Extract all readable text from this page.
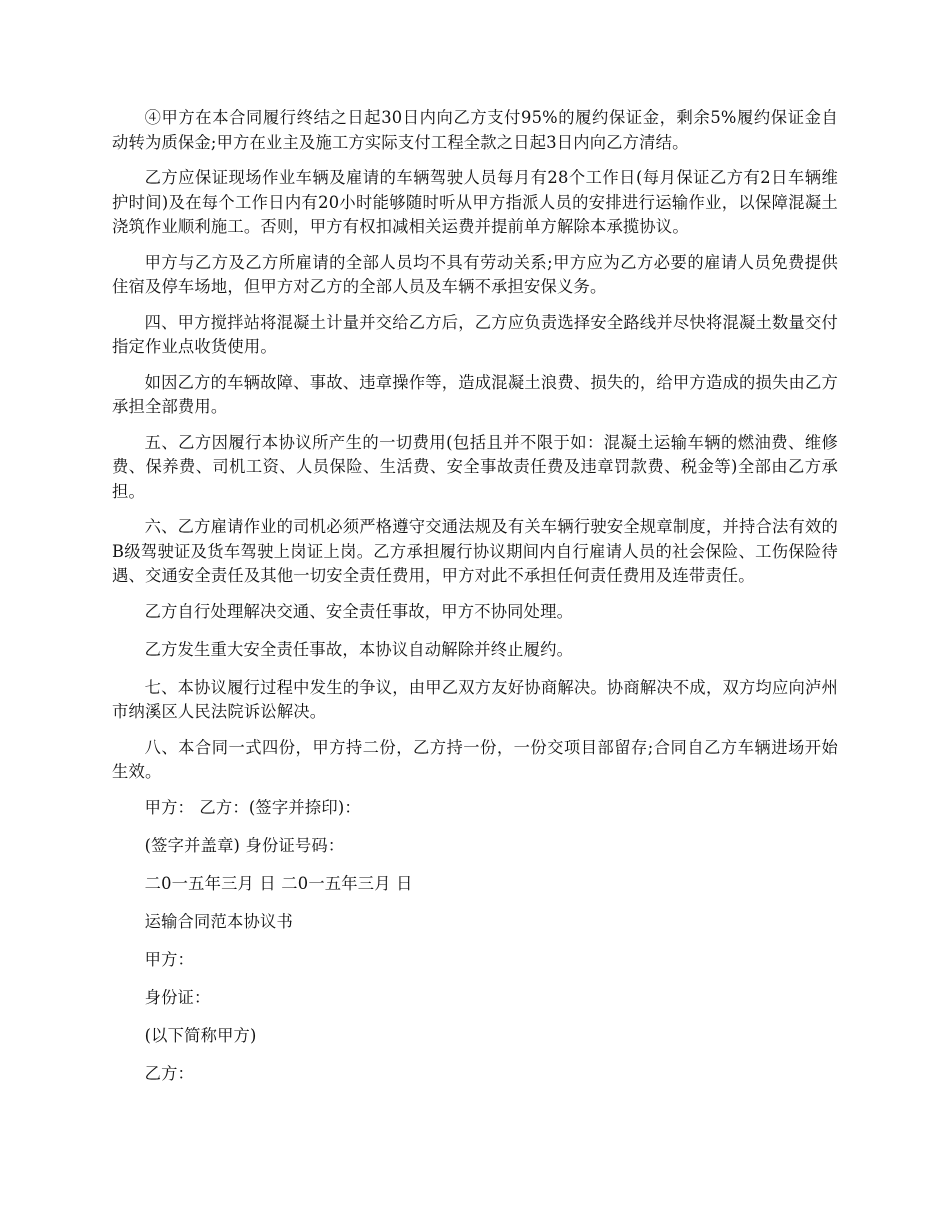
④甲方在本合同履行终结之日起30日内向乙方支付95%的履约保证金，剩余5%履约保证金自动转为质保金;甲方在业主及施工方实际支付工程全款之日起3日内向乙方清结。

乙方应保证现场作业车辆及雇请的车辆驾驶人员每月有28个工作日(每月保证乙方有2日车辆维护时间)及在每个工作日内有20小时能够随时听从甲方指派人员的安排进行运输作业，以保障混凝土浇筑作业顺利施工。否则，甲方有权扣减相关运费并提前单方解除本承揽协议。

甲方与乙方及乙方所雇请的全部人员均不具有劳动关系;甲方应为乙方必要的雇请人员免费提供住宿及停车场地，但甲方对乙方的全部人员及车辆不承担安保义务。

四、甲方搅拌站将混凝土计量并交给乙方后，乙方应负责选择安全路线并尽快将混凝土数量交付指定作业点收货使用。

如因乙方的车辆故障、事故、违章操作等，造成混凝土浪费、损失的，给甲方造成的损失由乙方承担全部费用。

五、乙方因履行本协议所产生的一切费用(包括且并不限于如：混凝土运输车辆的燃油费、维修费、保养费、司机工资、人员保险、生活费、安全事故责任费及违章罚款费、税金等)全部由乙方承担。

六、乙方雇请作业的司机必须严格遵守交通法规及有关车辆行驶安全规章制度，并持合法有效的B级驾驶证及货车驾驶上岗证上岗。乙方承担履行协议期间内自行雇请人员的社会保险、工伤保险待遇、交通安全责任及其他一切安全责任费用，甲方对此不承担任何责任费用及连带责任。

乙方自行处理解决交通、安全责任事故，甲方不协同处理。

乙方发生重大安全责任事故，本协议自动解除并终止履约。

七、本协议履行过程中发生的争议，由甲乙双方友好协商解决。协商解决不成，双方均应向泸州市纳溪区人民法院诉讼解决。

八、本合同一式四份，甲方持二份，乙方持一份，一份交项目部留存;合同自乙方车辆进场开始生效。

甲方： 乙方：(签字并捺印)：

(签字并盖章) 身份证号码：

二0一五年三月 日 二0一五年三月 日

运输合同范本协议书

甲方：

身份证：

(以下简称甲方)

乙方：
